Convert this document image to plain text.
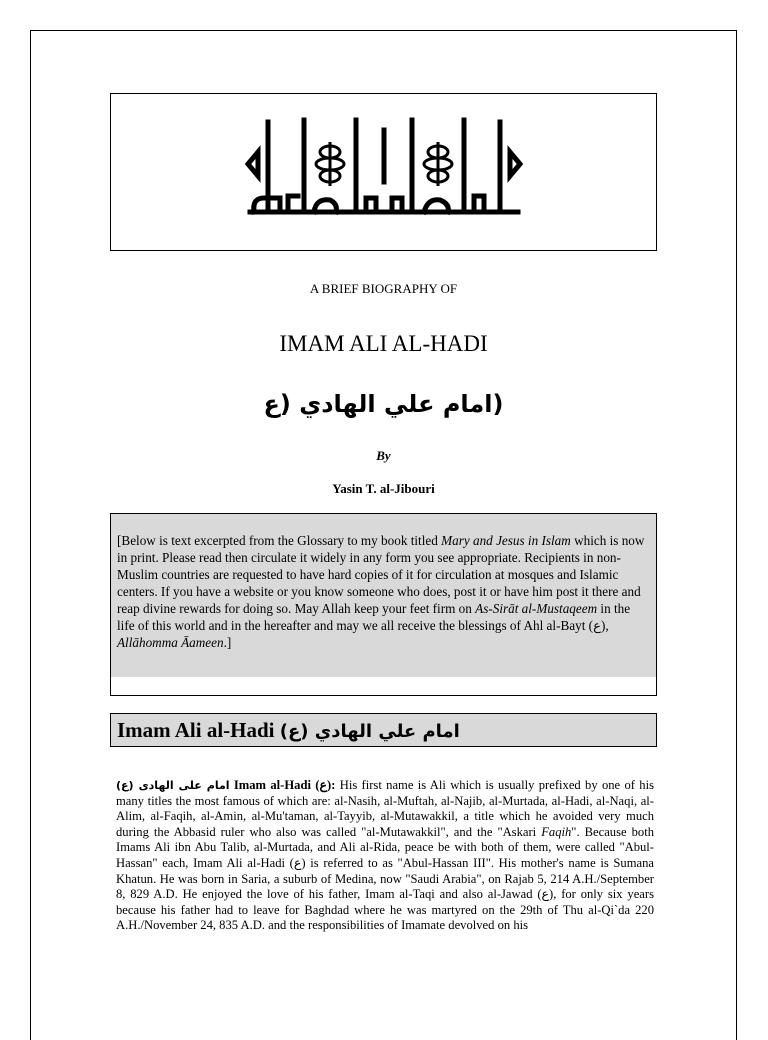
A BRIEF BIOGRAPHY OF
IMAM ALI AL-HADI
(امام علي الهادي (ع
By
Yasin T. al-Jibouri
[Below is text excerpted from the Glossary to my book titled Mary and Jesus in Islam which is now in print. Please read then circulate it widely in any form you see appropriate. Recipients in non-Muslim countries are requested to have hard copies of it for circulation at mosques and Islamic centers. If you have a website or you know someone who does, post it or have him post it there and reap divine rewards for doing so. May Allah keep your feet firm on As-Sirāt al-Mustaqeem in the life of this world and in the hereafter and may we all receive the blessings of Ahl al-Bayt (ع), Allāhomma Āameen.]
Imam Ali al-Hadi (ع) امام علي الهادي
(امام علی الهادی (ع Imam al-Hadi (ع): His first name is Ali which is usually prefixed by one of his many titles the most famous of which are: al-Nasih, al-Muftah, al-Najib, al-Murtada, al-Hadi, al-Naqi, al-Alim, al-Faqih, al-Amin, al-Mu'taman, al-Tayyib, al-Mutawakkil, a title which he avoided very much during the Abbasid ruler who also was called "al-Mutawakkil", and the "Askari Faqih". Because both Imams Ali ibn Abu Talib, al-Murtada, and Ali al-Rida, peace be with both of them, were called "Abul-Hassan" each, Imam Ali al-Hadi (ع) is referred to as "Abul-Hassan III". His mother's name is Sumana Khatun. He was born in Saria, a suburb of Medina, now "Saudi Arabia", on Rajab 5, 214 A.H./September 8, 829 A.D. He enjoyed the love of his father, Imam al-Taqi and also al-Jawad (ع), for only six years because his father had to leave for Baghdad where he was martyred on the 29th of Thu al-Qi`da 220 A.H./November 24, 835 A.D. and the responsibilities of Imamate devolved on his
